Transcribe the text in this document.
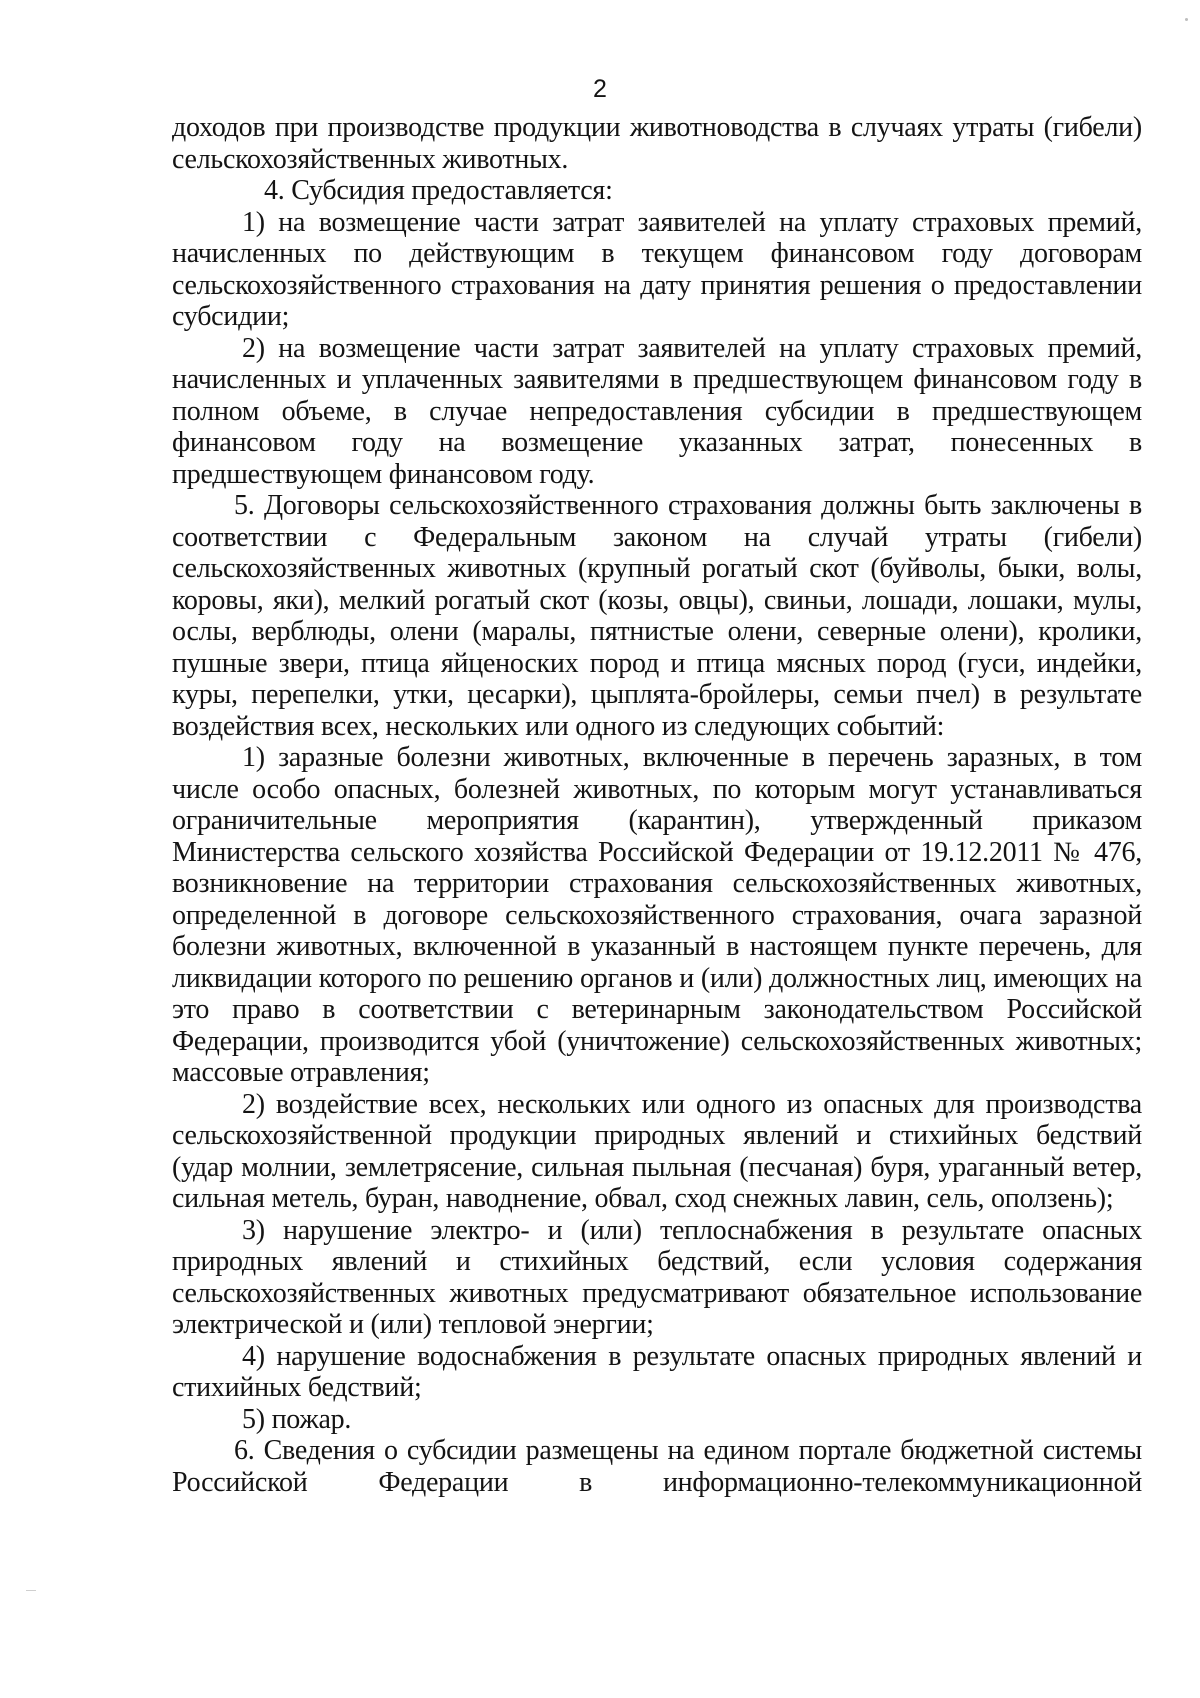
2

доходов при производстве продукции животноводства в случаях утраты (гибели) сельскохозяйственных животных.

4. Субсидия предоставляется:

1) на возмещение части затрат заявителей на уплату страховых премий, начисленных по действующим в текущем финансовом году договорам сельскохозяйственного страхования на дату принятия решения о предоставлении субсидии;

2) на возмещение части затрат заявителей на уплату страховых премий, начисленных и уплаченных заявителями в предшествующем финансовом году в полном объеме, в случае непредоставления субсидии в предшествующем финансовом году на возмещение указанных затрат, понесенных в предшествующем финансовом году.

5. Договоры сельскохозяйственного страхования должны быть заключены в соответствии с Федеральным законом на случай утраты (гибели) сельскохозяйственных животных (крупный рогатый скот (буйволы, быки, волы, коровы, яки), мелкий рогатый скот (козы, овцы), свиньи, лошади, лошаки, мулы, ослы, верблюды, олени (маралы, пятнистые олени, северные олени), кролики, пушные звери, птица яйценоских пород и птица мясных пород (гуси, индейки, куры, перепелки, утки, цесарки), цыплята-бройлеры, семьи пчел) в результате воздействия всех, нескольких или одного из следующих событий:

1) заразные болезни животных, включенные в перечень заразных, в том числе особо опасных, болезней животных, по которым могут устанавливаться ограничительные мероприятия (карантин), утвержденный приказом Министерства сельского хозяйства Российской Федерации от 19.12.2011 № 476, возникновение на территории страхования сельскохозяйственных животных, определенной в договоре сельскохозяйственного страхования, очага заразной болезни животных, включенной в указанный в настоящем пункте перечень, для ликвидации которого по решению органов и (или) должностных лиц, имеющих на это право в соответствии с ветеринарным законодательством Российской Федерации, производится убой (уничтожение) сельскохозяйственных животных; массовые отравления;

2) воздействие всех, нескольких или одного из опасных для производства сельскохозяйственной продукции природных явлений и стихийных бедствий (удар молнии, землетрясение, сильная пыльная (песчаная) буря, ураганный ветер, сильная метель, буран, наводнение, обвал, сход снежных лавин, сель, оползень);

3) нарушение электро- и (или) теплоснабжения в результате опасных природных явлений и стихийных бедствий, если условия содержания сельскохозяйственных животных предусматривают обязательное использование электрической и (или) тепловой энергии;

4) нарушение водоснабжения в результате опасных природных явлений и стихийных бедствий;

5) пожар.

6. Сведения о субсидии размещены на едином портале бюджетной системы Российской Федерации в информационно-телекоммуникационной
